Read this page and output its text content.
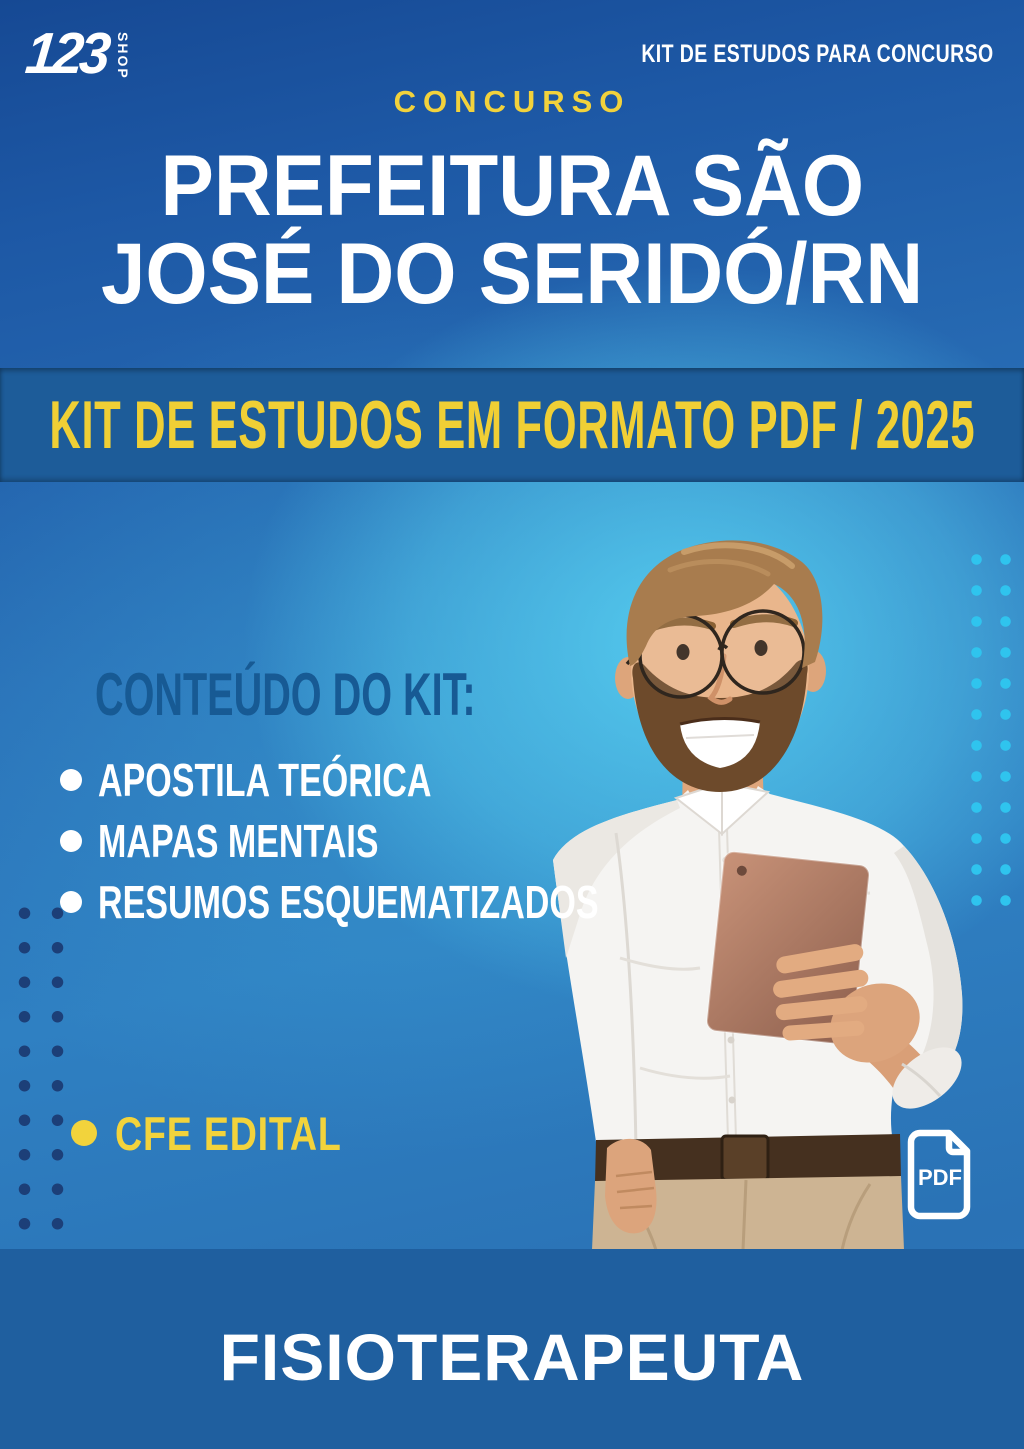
123 SHOP	KIT DE ESTUDOS PARA CONCURSO
CONCURSO
PREFEITURA SÃO
JOSÉ DO SERIDÓ/RN
KIT DE ESTUDOS EM FORMATO PDF / 2025
CONTEÚDO DO KIT:
APOSTILA TEÓRICA
MAPAS MENTAIS
RESUMOS ESQUEMATIZADOS
CFE EDITAL
PDF
FISIOTERAPEUTA
